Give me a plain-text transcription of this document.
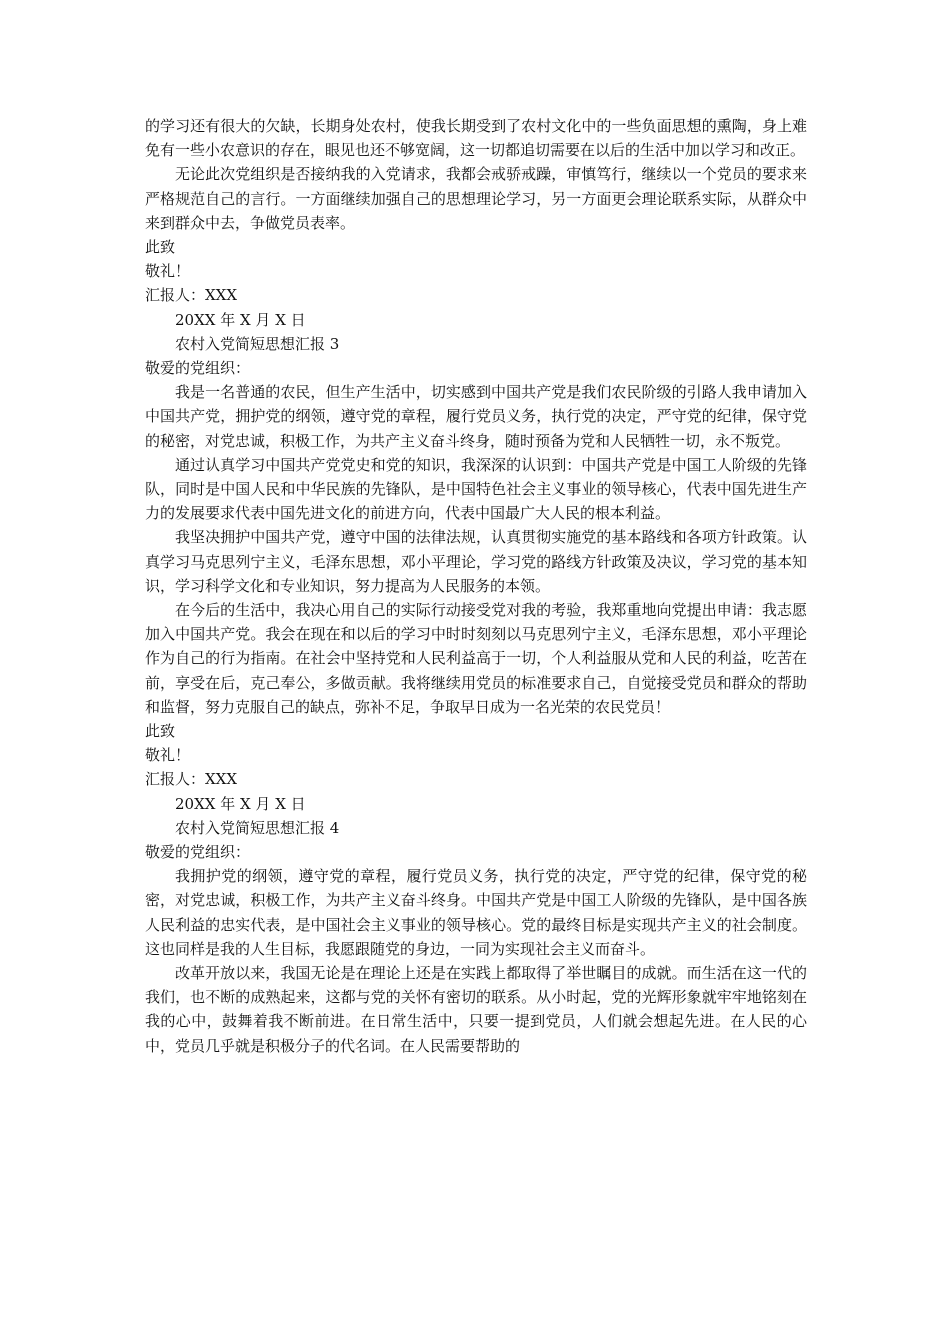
的学习还有很大的欠缺，长期身处农村，使我长期受到了农村文化中的一些负面思想的熏陶，身上难免有一些小农意识的存在，眼见也还不够宽阔，这一切都追切需要在以后的生活中加以学习和改正。

无论此次党组织是否接纳我的入党请求，我都会戒骄戒躁，审慎笃行，继续以一个党员的要求来严格规范自己的言行。一方面继续加强自己的思想理论学习，另一方面更会理论联系实际，从群众中来到群众中去，争做党员表率。

此致
敬礼！
汇报人：XXX
20XX 年 X 月 X 日
农村入党简短思想汇报 3
敬爱的党组织：

我是一名普通的农民，但生产生活中，切实感到中国共产党是我们农民阶级的引路人我申请加入中国共产党，拥护党的纲领，遵守党的章程，履行党员义务，执行党的决定，严守党的纪律，保守党的秘密，对党忠诚，积极工作，为共产主义奋斗终身，随时预备为党和人民牺牲一切，永不叛党。

通过认真学习中国共产党党史和党的知识，我深深的认识到：中国共产党是中国工人阶级的先锋队，同时是中国人民和中华民族的先锋队，是中国特色社会主义事业的领导核心，代表中国先进生产力的发展要求代表中国先进文化的前进方向，代表中国最广大人民的根本利益。

我坚决拥护中国共产党，遵守中国的法律法规，认真贯彻实施党的基本路线和各项方针政策。认真学习马克思列宁主义，毛泽东思想，邓小平理论，学习党的路线方针政策及决议，学习党的基本知识，学习科学文化和专业知识，努力提高为人民服务的本领。

在今后的生活中，我决心用自己的实际行动接受党对我的考验，我郑重地向党提出申请：我志愿加入中国共产党。我会在现在和以后的学习中时时刻刻以马克思列宁主义，毛泽东思想，邓小平理论作为自己的行为指南。在社会中坚持党和人民利益高于一切，个人利益服从党和人民的利益，吃苦在前，享受在后，克己奉公，多做贡献。我将继续用党员的标准要求自己，自觉接受党员和群众的帮助和监督，努力克服自己的缺点，弥补不足，争取早日成为一名光荣的农民党员！

此致
敬礼！
汇报人：XXX
20XX 年 X 月 X 日
农村入党简短思想汇报 4
敬爱的党组织：

我拥护党的纲领，遵守党的章程，履行党员义务，执行党的决定，严守党的纪律，保守党的秘密，对党忠诚，积极工作，为共产主义奋斗终身。中国共产党是中国工人阶级的先锋队，是中国各族人民利益的忠实代表，是中国社会主义事业的领导核心。党的最终目标是实现共产主义的社会制度。这也同样是我的人生目标，我愿跟随党的身边，一同为实现社会主义而奋斗。

改革开放以来，我国无论是在理论上还是在实践上都取得了举世瞩目的成就。而生活在这一代的我们，也不断的成熟起来，这都与党的关怀有密切的联系。从小时起，党的光辉形象就牢牢地铭刻在我的心中，鼓舞着我不断前进。在日常生活中，只要一提到党员，人们就会想起先进。在人民的心中，党员几乎就是积极分子的代名词。在人民需要帮助的
